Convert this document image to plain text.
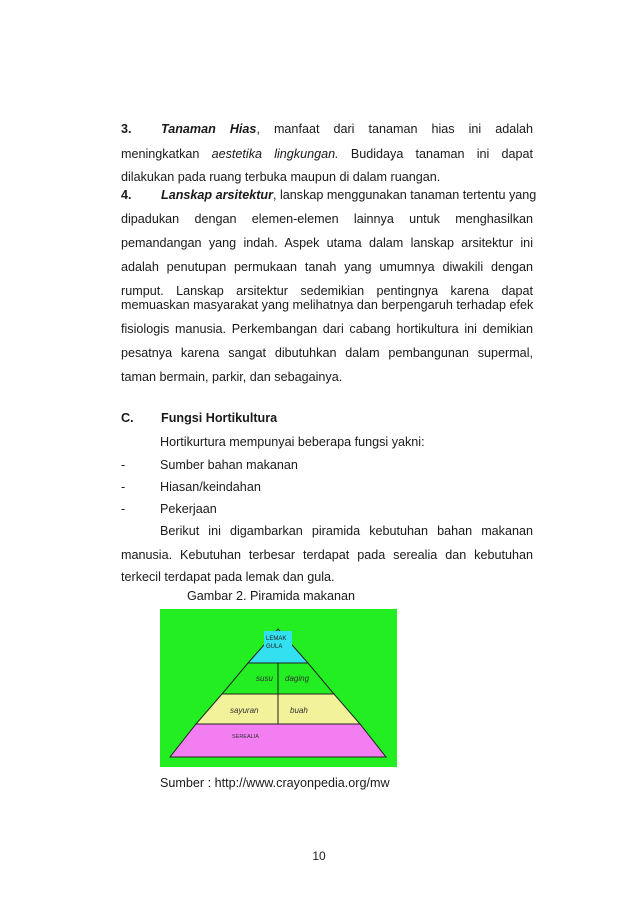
3. Tanaman Hias, manfaat dari tanaman hias ini adalah
meningkatkan aestetika lingkungan. Budidaya tanaman ini dapat
dilakukan pada ruang terbuka maupun di dalam ruangan.
4. Lanskap arsitektur, lanskap menggunakan tanaman tertentu yang
dipadukan dengan elemen-elemen lainnya untuk menghasilkan
pemandangan yang indah. Aspek utama dalam lanskap arsitektur ini
adalah penutupan permukaan tanah yang umumnya diwakili dengan
rumput. Lanskap arsitektur sedemikian pentingnya karena dapat
memuaskan masyarakat yang melihatnya dan berpengaruh terhadap efek
fisiologis manusia. Perkembangan dari cabang hortikultura ini demikian
pesatnya karena sangat dibutuhkan dalam pembangunan supermal,
taman bermain, parkir, dan sebagainya.
C. Fungsi Hortikultura
Hortikurtura mempunyai beberapa fungsi yakni:
-	Sumber bahan makanan
-	Hiasan/keindahan
-	Pekerjaan
Berikut ini digambarkan piramida kebutuhan bahan makanan
manusia. Kebutuhan terbesar terdapat pada serealia dan kebutuhan
terkecil terdapat pada lemak dan gula.
Gambar 2. Piramida makanan
LEMAK
GULA
susu daging
sayuran	buah
SEREALIA
Sumber : http://www.crayonpedia.org/mw
10
